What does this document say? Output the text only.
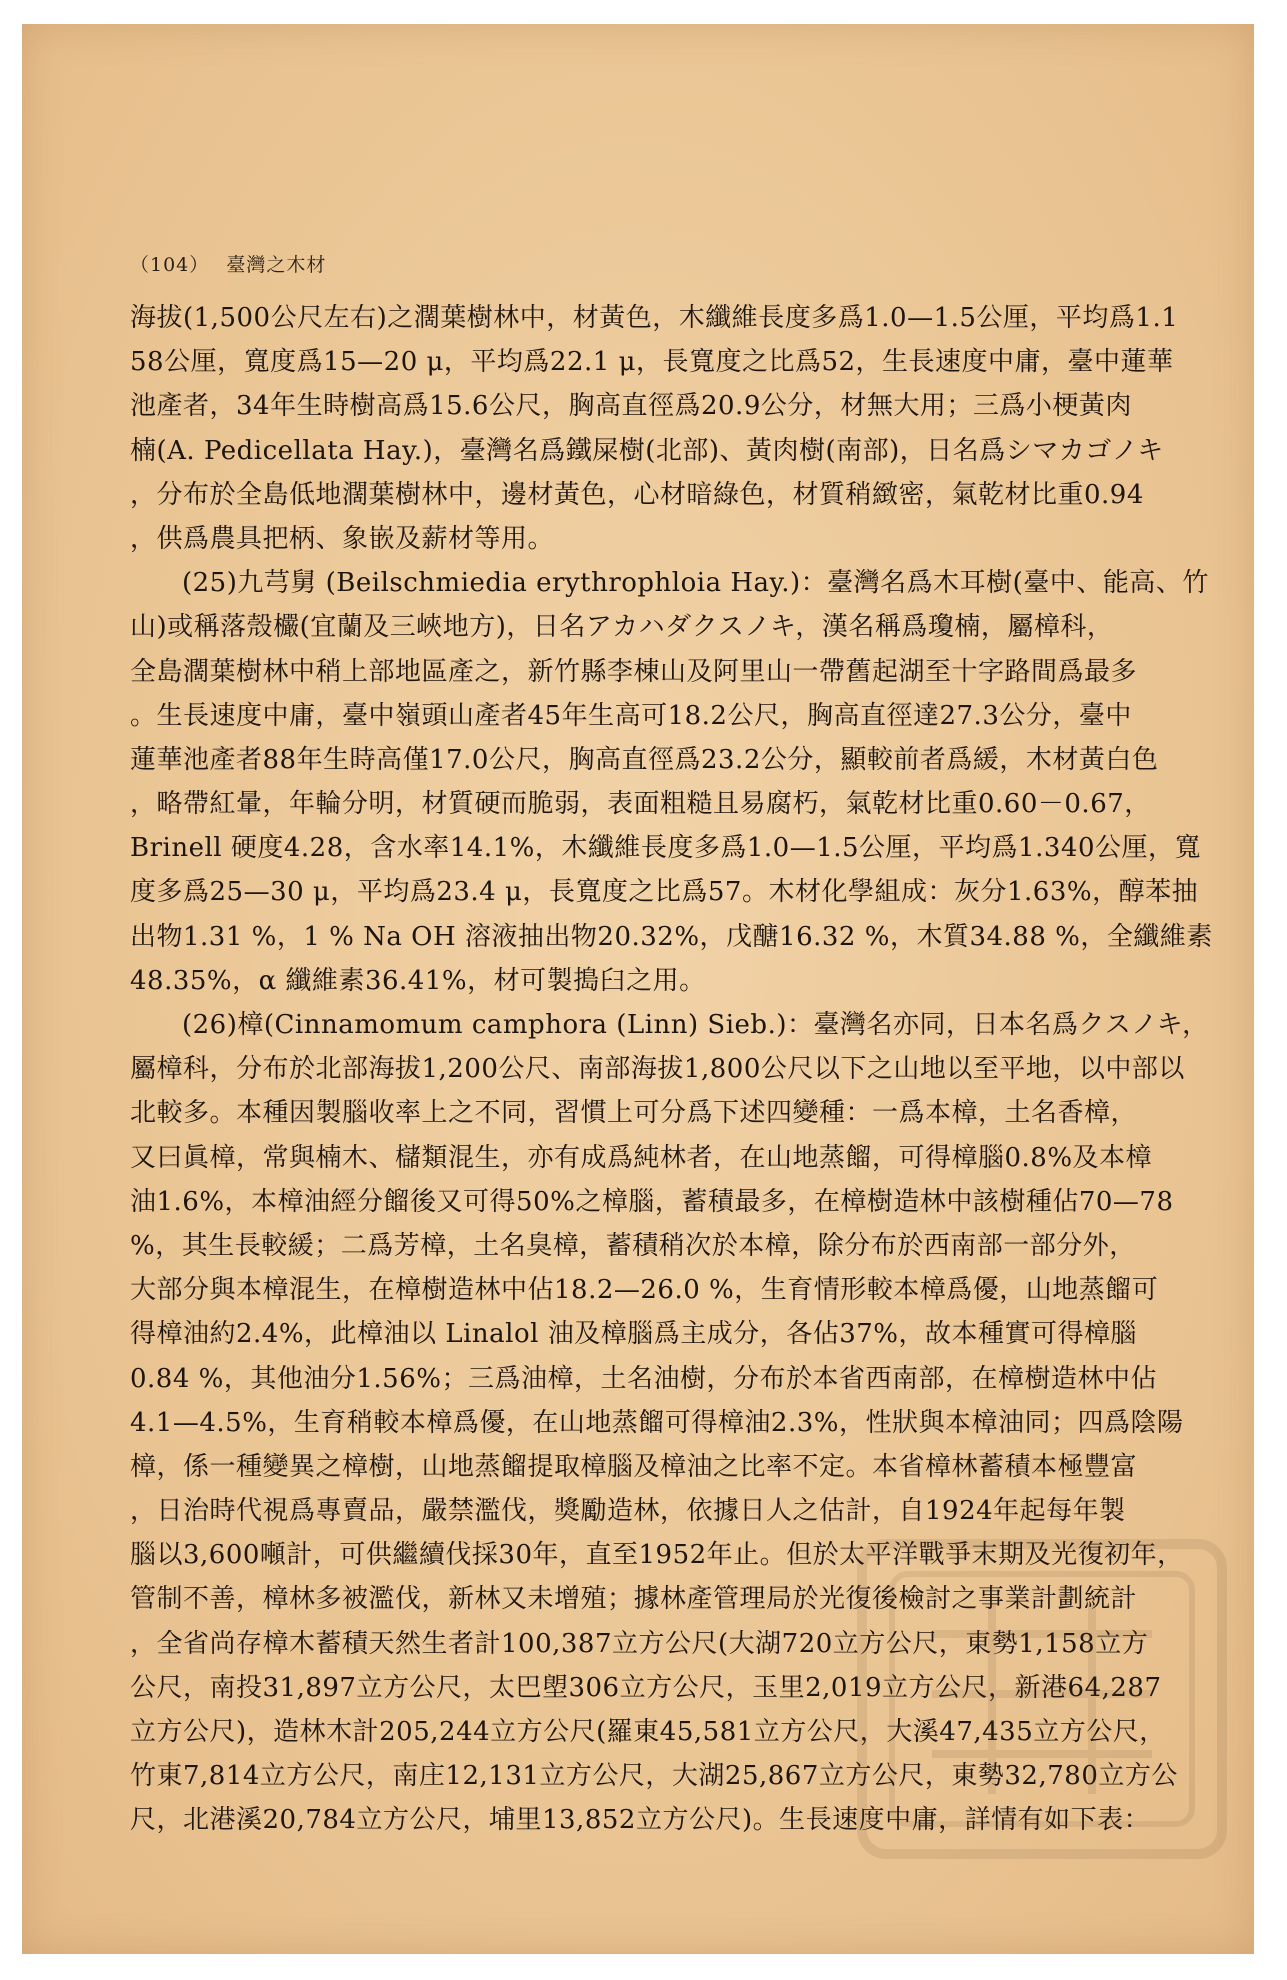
（104） 臺灣之木材
海拔(1,500公尺左右)之濶葉樹林中，材黃色，木纖維長度多爲1.0—1.5公厘，平均爲1.1
58公厘，寬度爲15—20 μ，平均爲22.1 μ，長寬度之比爲52，生長速度中庸，臺中蓮華
池產者，34年生時樹高爲15.6公尺，胸高直徑爲20.9公分，材無大用；三爲小梗黃肉
楠(A. Pedicellata Hay.)，臺灣名爲鐵屎樹(北部)、黃肉樹(南部)，日名爲シマカゴノキ
，分布於全島低地濶葉樹林中，邊材黃色，心材暗綠色，材質稍緻密，氣乾材比重0.94
，供爲農具把柄、象嵌及薪材等用。
(25)九芎舅 (Beilschmiedia erythrophloia Hay.)：臺灣名爲木耳樹(臺中、能高、竹
山)或稱落殼欕(宜蘭及三峽地方)，日名アカハダクスノキ，漢名稱爲瓊楠，屬樟科，
全島濶葉樹林中稍上部地區產之，新竹縣李棟山及阿里山一帶舊起湖至十字路間爲最多
。生長速度中庸，臺中嶺頭山產者45年生高可18.2公尺，胸高直徑達27.3公分，臺中
蓮華池產者88年生時高僅17.0公尺，胸高直徑爲23.2公分，顯較前者爲緩，木材黃白色
，略帶紅暈，年輪分明，材質硬而脆弱，表面粗糙且易腐朽，氣乾材比重0.60－0.67，
Brinell 硬度4.28，含水率14.1%，木纖維長度多爲1.0—1.5公厘，平均爲1.340公厘，寬
度多爲25—30 μ，平均爲23.4 μ，長寬度之比爲57。木材化學組成：灰分1.63%，醇苯抽
出物1.31 %，1 % Na OH 溶液抽出物20.32%，戊醣16.32 %，木質34.88 %，全纖維素
48.35%，α 纖維素36.41%，材可製搗臼之用。
(26)樟(Cinnamomum camphora (Linn) Sieb.)：臺灣名亦同，日本名爲クスノキ，
屬樟科，分布於北部海拔1,200公尺、南部海拔1,800公尺以下之山地以至平地，以中部以
北較多。本種因製腦收率上之不同，習慣上可分爲下述四變種：一爲本樟，土名香樟，
又曰眞樟，常與楠木、櫧類混生，亦有成爲純林者，在山地蒸餾，可得樟腦0.8%及本樟
油1.6%，本樟油經分餾後又可得50%之樟腦，蓄積最多，在樟樹造林中該樹種佔70—78
%，其生長較緩；二爲芳樟，土名臭樟，蓄積稍次於本樟，除分布於西南部一部分外，
大部分與本樟混生，在樟樹造林中佔18.2—26.0 %，生育情形較本樟爲優，山地蒸餾可
得樟油約2.4%，此樟油以 Linalol 油及樟腦爲主成分，各佔37%，故本種實可得樟腦
0.84 %，其他油分1.56%；三爲油樟，土名油樹，分布於本省西南部，在樟樹造林中佔
4.1—4.5%，生育稍較本樟爲優，在山地蒸餾可得樟油2.3%，性狀與本樟油同；四爲陰陽
樟，係一種變異之樟樹，山地蒸餾提取樟腦及樟油之比率不定。本省樟林蓄積本極豐富
，日治時代視爲專賣品，嚴禁濫伐，獎勵造林，依據日人之估計，自1924年起每年製
腦以3,600噸計，可供繼續伐採30年，直至1952年止。但於太平洋戰爭末期及光復初年，
管制不善，樟林多被濫伐，新林又未增殖；據林產管理局於光復後檢討之事業計劃統計
，全省尚存樟木蓄積天然生者計100,387立方公尺(大湖720立方公尺，東勢1,158立方
公尺，南投31,897立方公尺，太巴塱306立方公尺，玉里2,019立方公尺，新港64,287
立方公尺)，造林木計205,244立方公尺(羅東45,581立方公尺，大溪47,435立方公尺，
竹東7,814立方公尺，南庄12,131立方公尺，大湖25,867立方公尺，東勢32,780立方公
尺，北港溪20,784立方公尺，埔里13,852立方公尺)。生長速度中庸，詳情有如下表：
